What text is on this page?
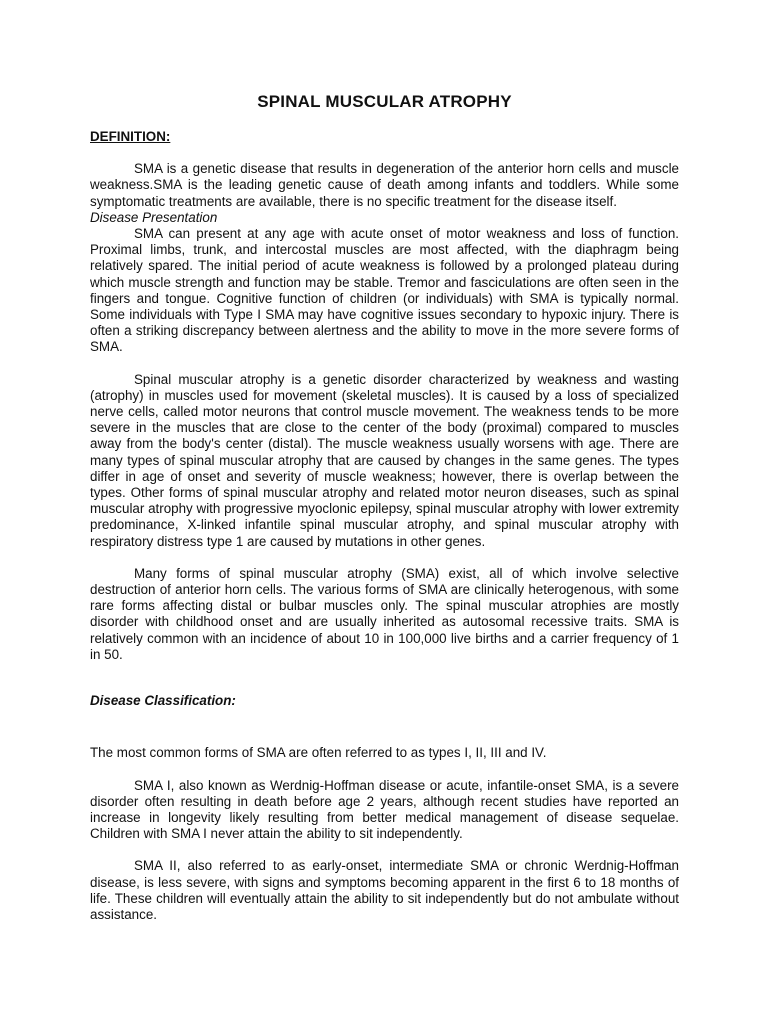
SPINAL MUSCULAR ATROPHY
DEFINITION:

SMA is a genetic disease that results in degeneration of the anterior horn cells and muscle weakness.SMA is the leading genetic cause of death among infants and toddlers. While some symptomatic treatments are available, there is no specific treatment for the disease itself.

Disease Presentation

SMA can present at any age with acute onset of motor weakness and loss of function. Proximal limbs, trunk, and intercostal muscles are most affected, with the diaphragm being relatively spared. The initial period of acute weakness is followed by a prolonged plateau during which muscle strength and function may be stable. Tremor and fasciculations are often seen in the fingers and tongue. Cognitive function of children (or individuals) with SMA is typically normal. Some individuals with Type I SMA may have cognitive issues secondary to hypoxic injury. There is often a striking discrepancy between alertness and the ability to move in the more severe forms of SMA.

Spinal muscular atrophy is a genetic disorder characterized by weakness and wasting (atrophy) in muscles used for movement (skeletal muscles). It is caused by a loss of specialized nerve cells, called motor neurons that control muscle movement. The weakness tends to be more severe in the muscles that are close to the center of the body (proximal) compared to muscles away from the body's center (distal). The muscle weakness usually worsens with age. There are many types of spinal muscular atrophy that are caused by changes in the same genes. The types differ in age of onset and severity of muscle weakness; however, there is overlap between the types. Other forms of spinal muscular atrophy and related motor neuron diseases, such as spinal muscular atrophy with progressive myoclonic epilepsy, spinal muscular atrophy with lower extremity predominance, X-linked infantile spinal muscular atrophy, and spinal muscular atrophy with respiratory distress type 1 are caused by mutations in other genes.

Many forms of spinal muscular atrophy (SMA) exist, all of which involve selective destruction of anterior horn cells. The various forms of SMA are clinically heterogenous, with some rare forms affecting distal or bulbar muscles only. The spinal muscular atrophies are mostly disorder with childhood onset and are usually inherited as autosomal recessive traits. SMA is relatively common with an incidence of about 10 in 100,000 live births and a carrier frequency of 1 in 50.

Disease Classification:

The most common forms of SMA are often referred to as types I, II, III and IV.

SMA I, also known as Werdnig-Hoffman disease or acute, infantile-onset SMA, is a severe disorder often resulting in death before age 2 years, although recent studies have reported an increase in longevity likely resulting from better medical management of disease sequelae. Children with SMA I never attain the ability to sit independently.

SMA II, also referred to as early-onset, intermediate SMA or chronic Werdnig-Hoffman disease, is less severe, with signs and symptoms becoming apparent in the first 6 to 18 months of life. These children will eventually attain the ability to sit independently but do not ambulate without assistance.
